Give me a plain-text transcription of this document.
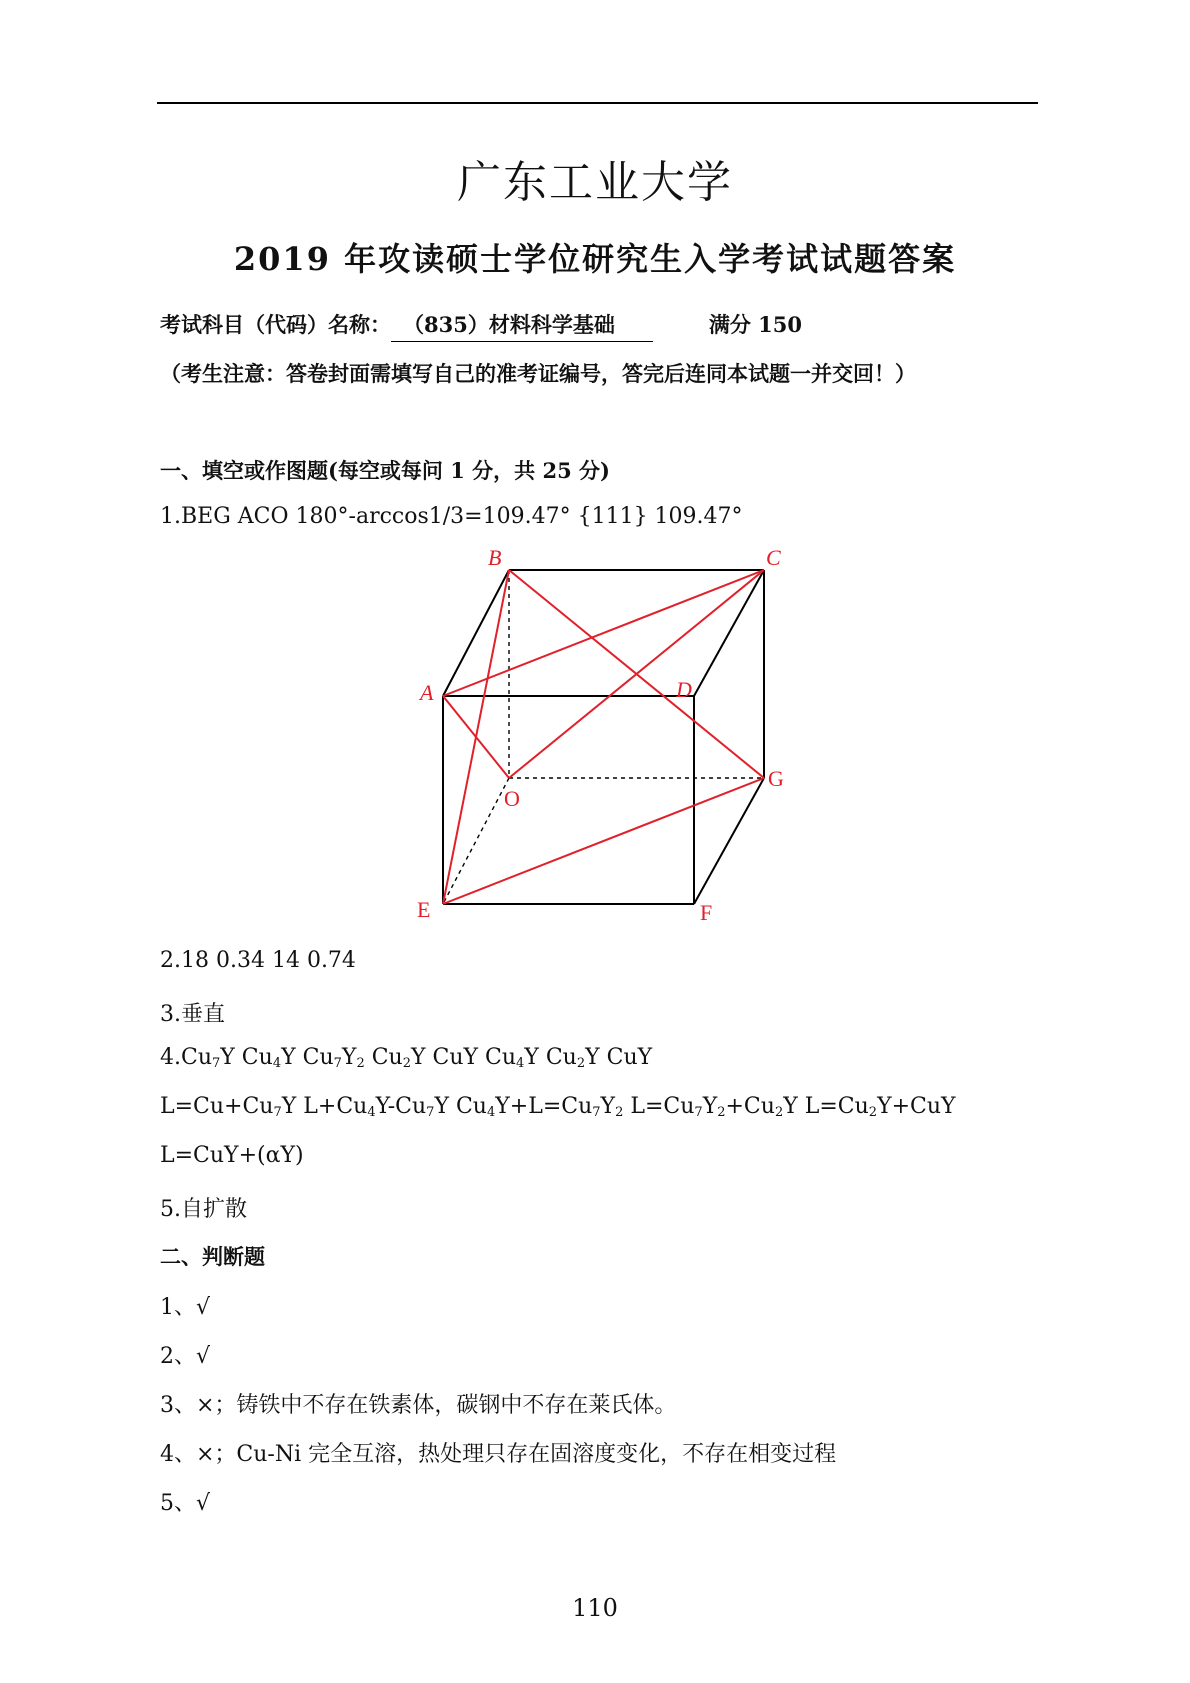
广东工业大学
2019 年攻读硕士学位研究生入学考试试题答案
考试科目（代码）名称： （835）材料科学基础	满分 150
（考生注意：答卷封面需填写自己的准考证编号，答完后连同本试题一并交回！）
一、填空或作图题(每空或每问 1 分，共 25 分)
1.BEG ACO 180°-arccos1/3=109.47° {111} 109.47°
B	C
A	D
O
G
E	F
2.18 0.34 14 0.74
3.垂直
$4.Cu_7Y$ $Cu_4Y$ $Cu_7Y_2$ $Cu_2Y$ CuY $Cu_4Y$ $Cu_2Y$ CuY
$L=Cu+Cu_7Y$ $L+Cu_4Y-Cu_7Y$ $Cu_4Y+L=Cu_7Y_2$ $L=Cu_7Y_2+Cu_2Y$ $L=Cu_2Y+CuY$
L=CuY+(αY)
5.自扩散
二、判断题
1、√
2、√
3、×；铸铁中不存在铁素体，碳钢中不存在莱氏体。
4、×；Cu-Ni 完全互溶，热处理只存在固溶度变化，不存在相变过程
5、√
110
